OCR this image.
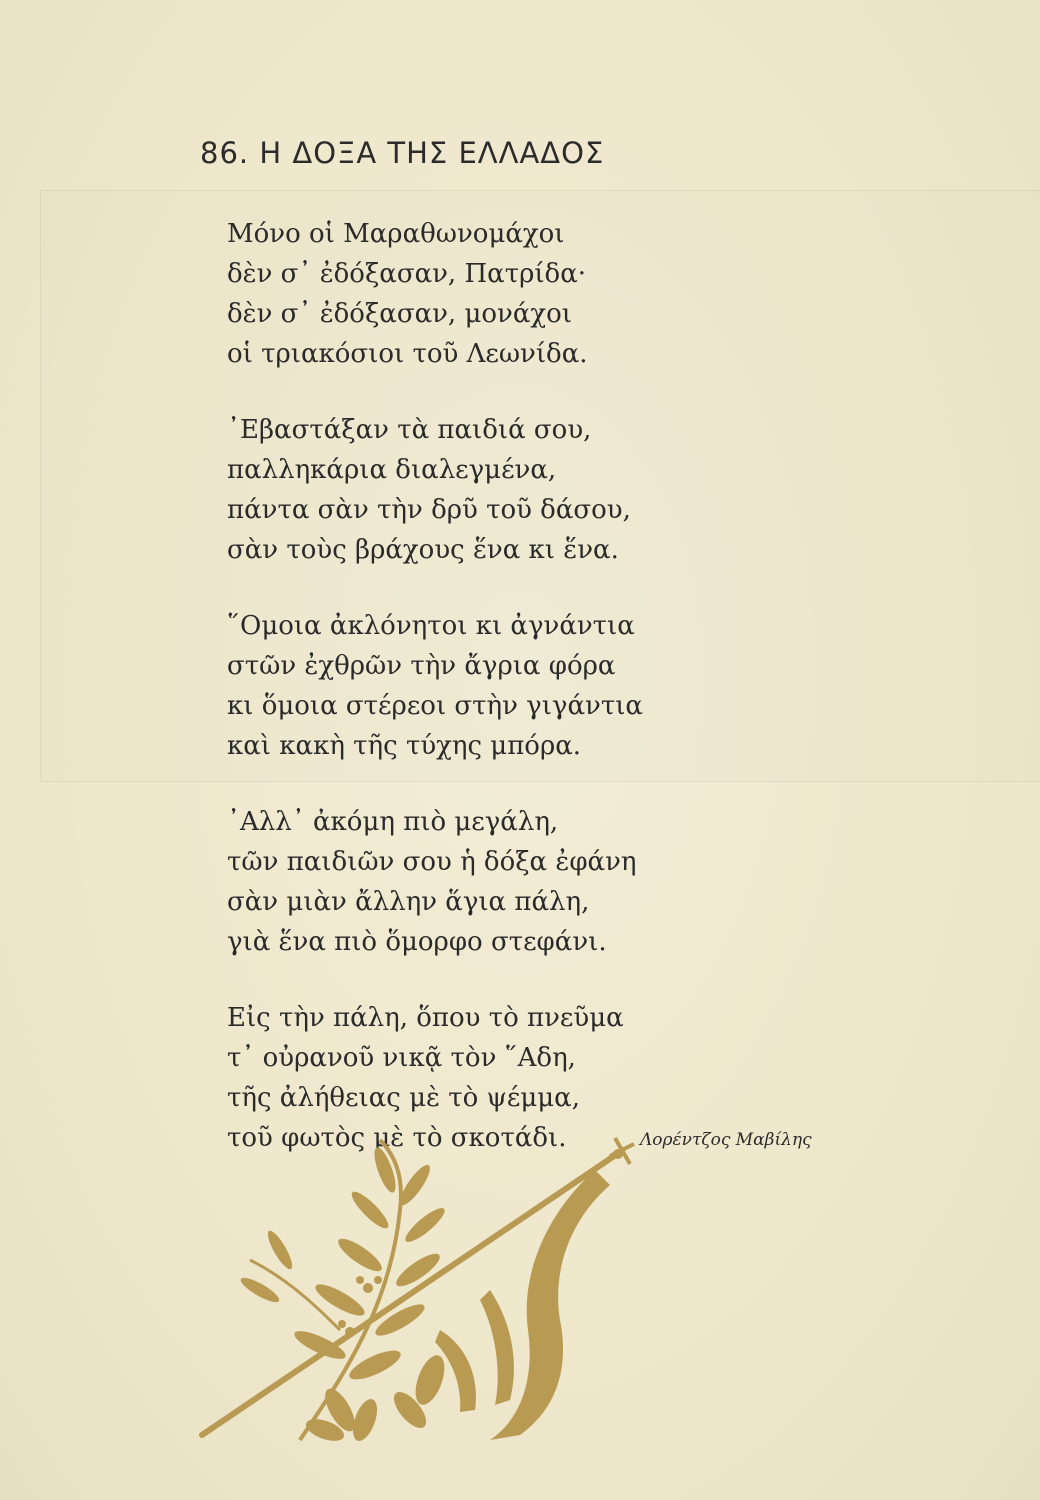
86. Η ΔΟΞΑ ΤΗΣ ΕΛΛΑΔΟΣ
Μόνο οἱ Μαραθωνομάχοι
δὲν σ᾽ ἐδόξασαν, Πατρίδα·
δὲν σ᾽ ἐδόξασαν, μονάχοι
οἱ τριακόσιοι τοῦ Λεωνίδα.
᾽Εβαστάξαν τὰ παιδιά σου,
παλληκάρια διαλεγμένα,
πάντα σὰν τὴν δρῦ τοῦ δάσου,
σὰν τοὺς βράχους ἕνα κι ἕνα.
῞Ομοια ἀκλόνητοι κι ἀγνάντια
στῶν ἐχθρῶν τὴν ἄγρια φόρα
κι ὅμοια στέρεοι στὴν γιγάντια
καὶ κακὴ τῆς τύχης μπόρα.
᾽Αλλ᾽ ἀκόμη πιὸ μεγάλη,
τῶν παιδιῶν σου ἡ δόξα ἐφάνη
σὰν μιὰν ἄλλην ἅγια πάλη,
γιὰ ἕνα πιὸ ὅμορφο στεφάνι.
Εἰς τὴν πάλη, ὅπου τὸ πνεῦμα
τ᾽ οὐρανοῦ νικᾷ τὸν ῞Αδη,
τῆς ἀλήθειας μὲ τὸ ψέμμα,
τοῦ φωτὸς μὲ τὸ σκοτάδι.	Λορέντζος Μαβίλης
